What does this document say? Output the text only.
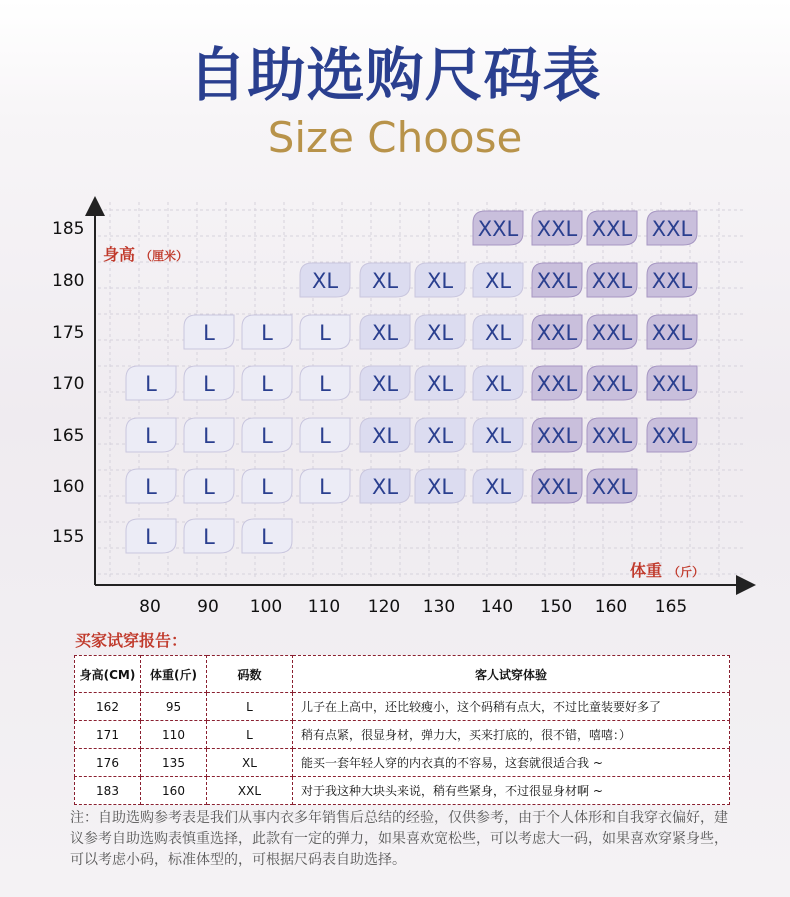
自助选购尺码表
Size Choose
XXL XXL XXL XXL
XL XL XL XL XXL XXL XXL
L L L XL XL XL XXL XXL XXL
L L L L XL XL XL XXL XXL XXL
L L L L XL XL XL XXL XXL XXL
L L L L XL XL XL XXL XXL
L L L
185
180
175
170
165
160
155
80 90 100 110 120 130 140 150 160 165
身高 （厘米）
体重 （斤）
买家试穿报告：
身高(CM)	体重(斤)	码数	客人试穿体验
162	95	L	儿子在上高中，还比较瘦小，这个码稍有点大，不过比童装要好多了
171	110	L	稍有点紧，很显身材，弹力大，买来打底的，很不错，嘻嘻：）
176	135	XL	能买一套年轻人穿的内衣真的不容易，这套就很适合我 ~
183	160	XXL	对于我这种大块头来说，稍有些紧身，不过很显身材啊 ~
注：自助选购参考表是我们从事内衣多年销售后总结的经验，仅供参考，由于个人体形和自我穿衣偏好，建议参考自助选购表慎重选择，此款有一定的弹力，如果喜欢宽松些，可以考虑大一码，如果喜欢穿紧身些，可以考虑小码，标准体型的，可根据尺码表自助选择。
